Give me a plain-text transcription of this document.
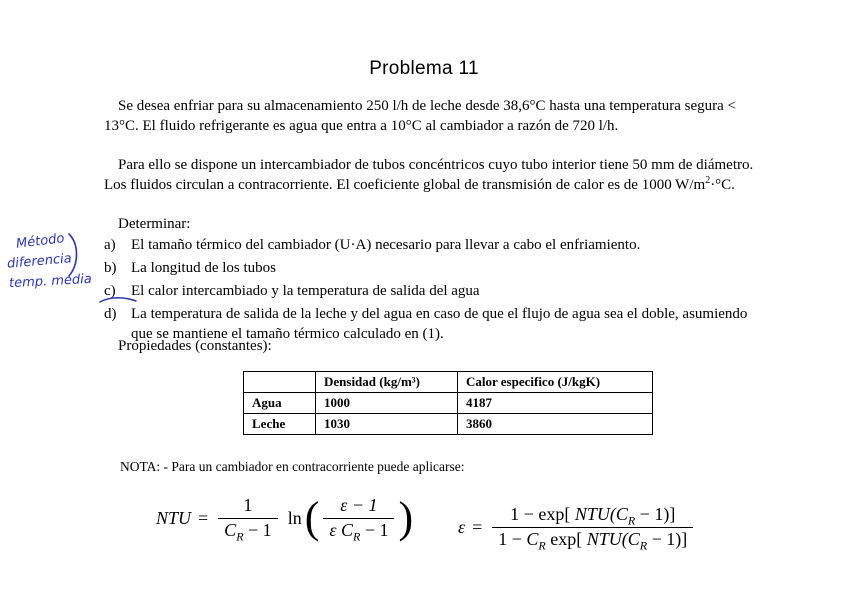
Problema 11
Se desea enfriar para su almacenamiento 250 l/h de leche desde 38,6°C hasta una temperatura segura < 13°C. El fluido refrigerante es agua que entra a 10°C al cambiador a razón de 720 l/h.
Para ello se dispone un intercambiador de tubos concéntricos cuyo tubo interior tiene 50 mm de diámetro. Los fluidos circulan a contracorriente. El coeficiente global de transmisión de calor es de 1000 $W/m^2\cdot^\circ C$.
Determinar:
a)	El tamaño térmico del cambiador (U·A) necesario para llevar a cabo el enfriamiento.
b) La longitud de los tubos
c)	El calor intercambiado y la temperatura de salida del agua
d) La temperatura de salida de la leche y del agua en caso de que el flujo de agua sea el doble, asumiendo que se mantiene el tamaño térmico calculado en (1).
Propiedades (constantes):
	Densidad (kg/m³)	Calor especifico (J/kgK)
Agua	1000	4187
Leche	1030	3860
NOTA: - Para un cambiador en contracorriente puede aplicarse:
NTU = $\frac{1}{C_R - 1}$ ln ( $\frac{\varepsilon - 1}{\varepsilon C_R - 1}$ ) $\varepsilon = \frac{1 - \exp[ NTU(C_R - 1)]}{1 - C_R \exp[ NTU(C_R - 1)]}$
Método
diferencia
temp. media
